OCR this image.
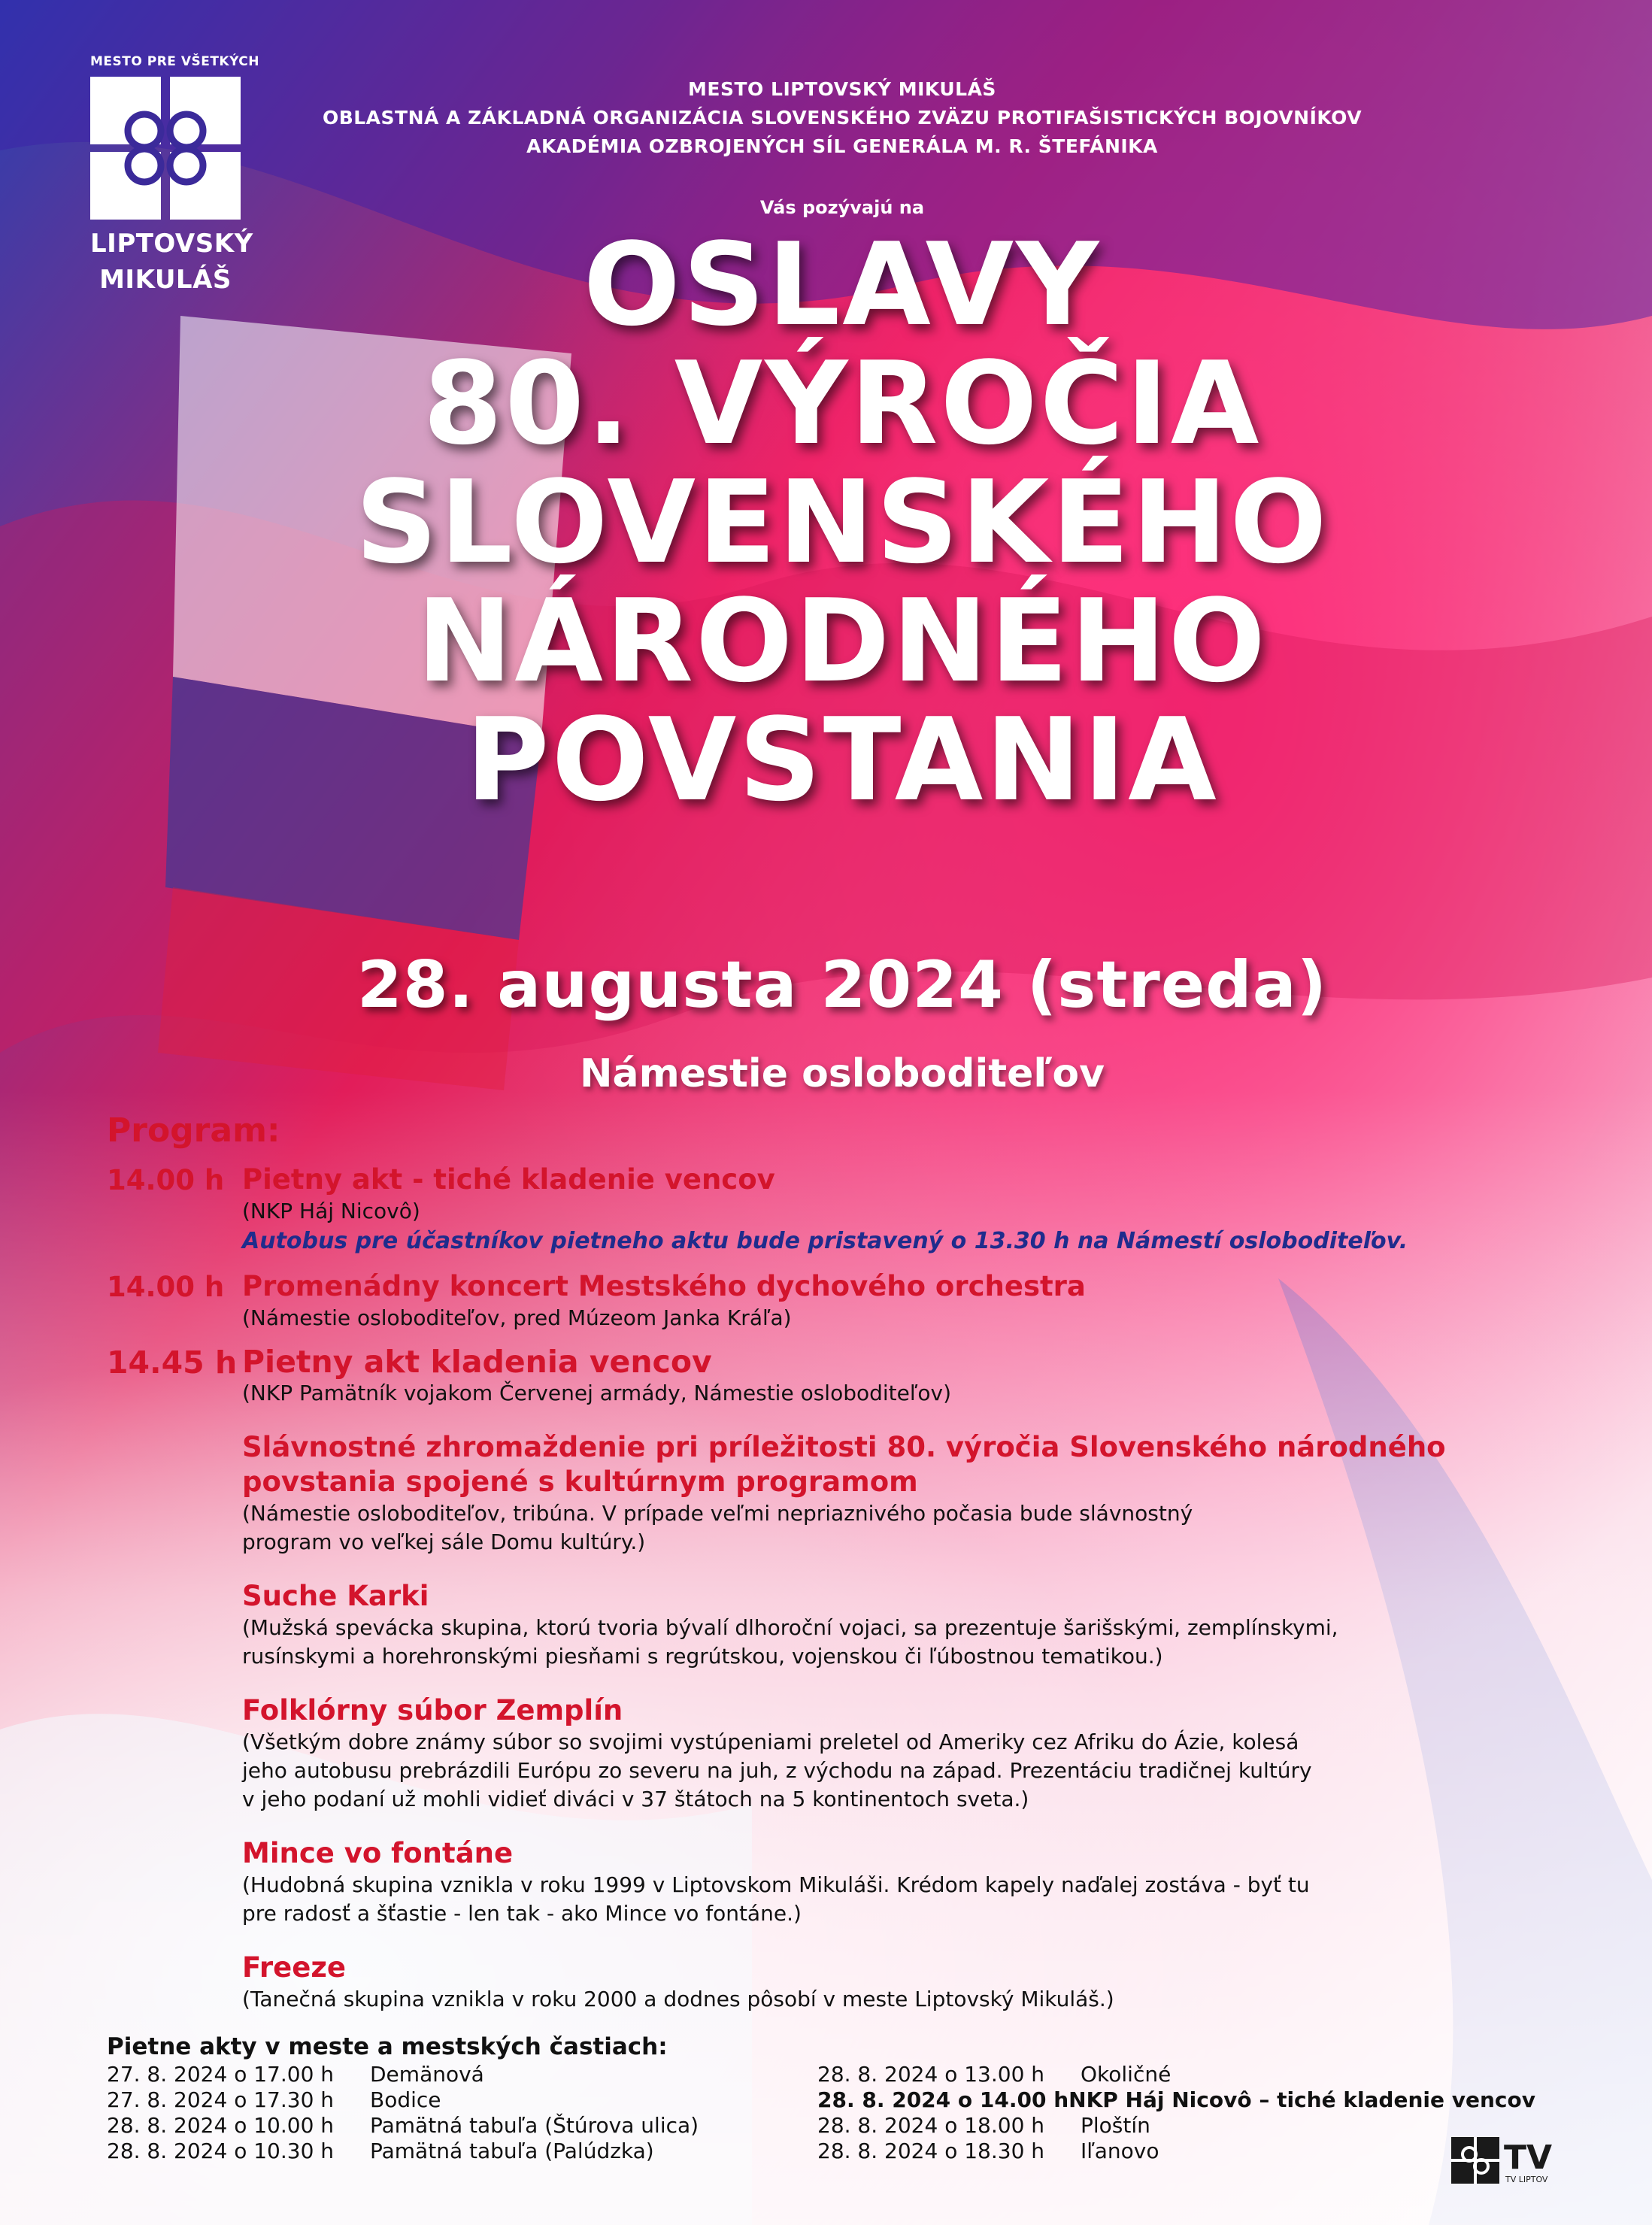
MESTO PRE VŠETKÝCH
LIPTOVSKÝ
MIKULÁŠ
MESTO LIPTOVSKÝ MIKULÁŠ
OBLASTNÁ A ZÁKLADNÁ ORGANIZÁCIA SLOVENSKÉHO ZVÄZU PROTIFAŠISTICKÝCH BOJOVNÍKOV
AKADÉMIA OZBROJENÝCH SÍL GENERÁLA M. R. ŠTEFÁNIKA
Vás pozývajú na
OSLAVY
80. VÝROČIA
SLOVENSKÉHO
NÁRODNÉHO
POVSTANIA
28. augusta 2024 (streda)
Námestie osloboditeľov
Program:
14.00 h Pietny akt - tiché kladenie vencov
(NKP Háj Nicovô)
Autobus pre účastníkov pietneho aktu bude pristavený o 13.30 h na Námestí osloboditeľov.
14.00 h Promenádny koncert Mestského dychového orchestra
(Námestie osloboditeľov, pred Múzeom Janka Kráľa)
14.45 h Pietny akt kladenia vencov
(NKP Pamätník vojakom Červenej armády, Námestie osloboditeľov)
Slávnostné zhromaždenie pri príležitosti 80. výročia Slovenského národného povstania spojené s kultúrnym programom
(Námestie osloboditeľov, tribúna. V prípade veľmi nepriaznivého počasia bude slávnostný
program vo veľkej sále Domu kultúry.)
Suche Karki
(Mužská spevácka skupina, ktorú tvoria bývalí dlhoroční vojaci, sa prezentuje šarišskými, zemplínskymi,
rusínskymi a horehronskými piesňami s regrútskou, vojenskou či ľúbostnou tematikou.)
Folklórny súbor Zemplín
(Všetkým dobre známy súbor so svojimi vystúpeniami preletel od Ameriky cez Afriku do Ázie, kolesá
jeho autobusu prebrázdili Európu zo severu na juh, z východu na západ. Prezentáciu tradičnej kultúry
v jeho podaní už mohli vidieť diváci v 37 štátoch na 5 kontinentoch sveta.)
Mince vo fontáne
(Hudobná skupina vznikla v roku 1999 v Liptovskom Mikuláši. Krédom kapely naďalej zostáva - byť tu
pre radosť a šťastie - len tak - ako Mince vo fontáne.)
Freeze
(Tanečná skupina vznikla v roku 2000 a dodnes pôsobí v meste Liptovský Mikuláš.)
Pietne akty v meste a mestských častiach:
27. 8. 2024 o 17.00 h	Demänová
27. 8. 2024 o 17.30 h	Bodice
28. 8. 2024 o 10.00 h	Pamätná tabuľa (Štúrova ulica)
28. 8. 2024 o 10.30 h	Pamätná tabuľa (Palúdzka)
28. 8. 2024 o 13.00 h	Okoličné
28. 8. 2024 o 14.00 h NKP Háj Nicovô – tiché kladenie vencov
28. 8. 2024 o 18.00 h	Ploštín
28. 8. 2024 o 18.30 h	Iľanovo	TV
TV LIPTOV
